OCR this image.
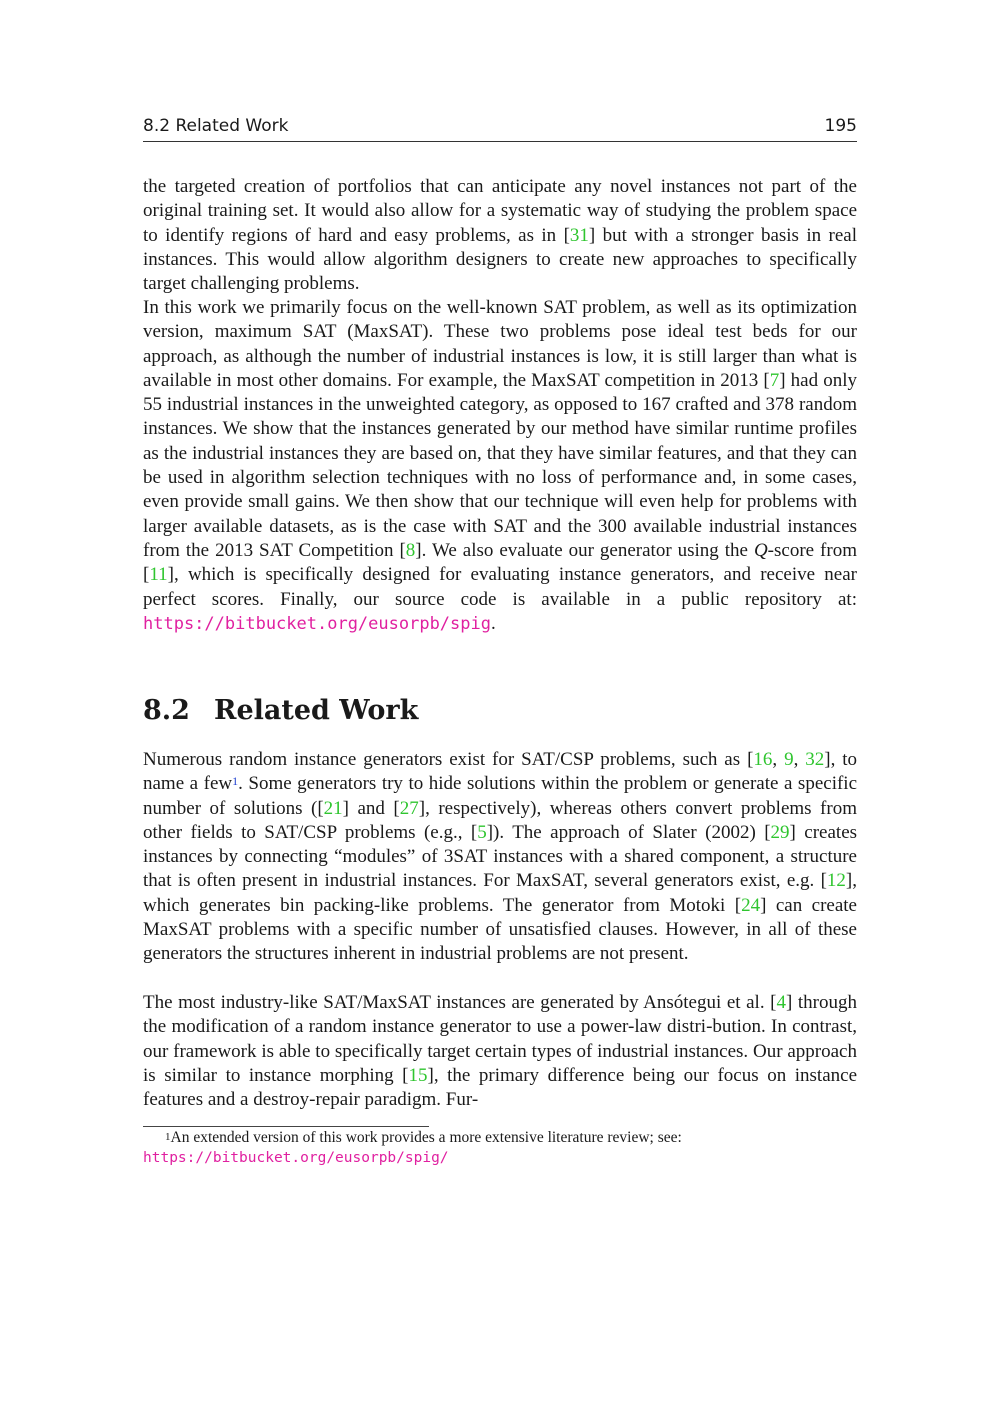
8.2 Related Work	195

the targeted creation of portfolios that can anticipate any novel instances not part of the original training set. It would also allow for a systematic way of studying the problem space to identify regions of hard and easy problems, as in [31] but with a stronger basis in real instances. This would allow algorithm designers to create new approaches to specifically target challenging problems.

In this work we primarily focus on the well-known SAT problem, as well as its optimization version, maximum SAT (MaxSAT). These two problems pose ideal test beds for our approach, as although the number of industrial instances is low, it is still larger than what is available in most other domains. For example, the MaxSAT competition in 2013 [7] had only 55 industrial instances in the unweighted category, as opposed to 167 crafted and 378 random instances. We show that the instances generated by our method have similar runtime profiles as the industrial instances they are based on, that they have similar features, and that they can be used in algorithm selection techniques with no loss of performance and, in some cases, even provide small gains. We then show that our technique will even help for problems with larger available datasets, as is the case with SAT and the 300 available industrial instances from the 2013 SAT Competition [8]. We also evaluate our generator using the Q-score from [11], which is specifically designed for evaluating instance generators, and receive near perfect scores. Finally, our source code is available in a public repository at: https://bitbucket.org/eusorpb/spig.

8.2 Related Work

Numerous random instance generators exist for SAT/CSP problems, such as [16, 9, 32], to name a few$^1$. Some generators try to hide solutions within the problem or generate a specific number of solutions ([21] and [27], respectively), whereas others convert problems from other fields to SAT/CSP problems (e.g., [5]). The approach of Slater (2002) [29] creates instances by connecting “modules” of 3SAT instances with a shared component, a structure that is often present in industrial instances. For MaxSAT, several generators exist, e.g. [12], which generates bin packing-like problems. The generator from Motoki [24] can create MaxSAT problems with a specific number of unsatisfied clauses. However, in all of these generators the structures inherent in industrial problems are not present.

The most industry-like SAT/MaxSAT instances are generated by Ansótegui et al. [4] through the modification of a random instance generator to use a power-law distri-bution. In contrast, our framework is able to specifically target certain types of industrial instances. Our approach is similar to instance morphing [15], the primary difference being our focus on instance features and a destroy-repair paradigm. Fur-

$^1$An extended version of this work provides a more extensive literature review; see:
https://bitbucket.org/eusorpb/spig/
